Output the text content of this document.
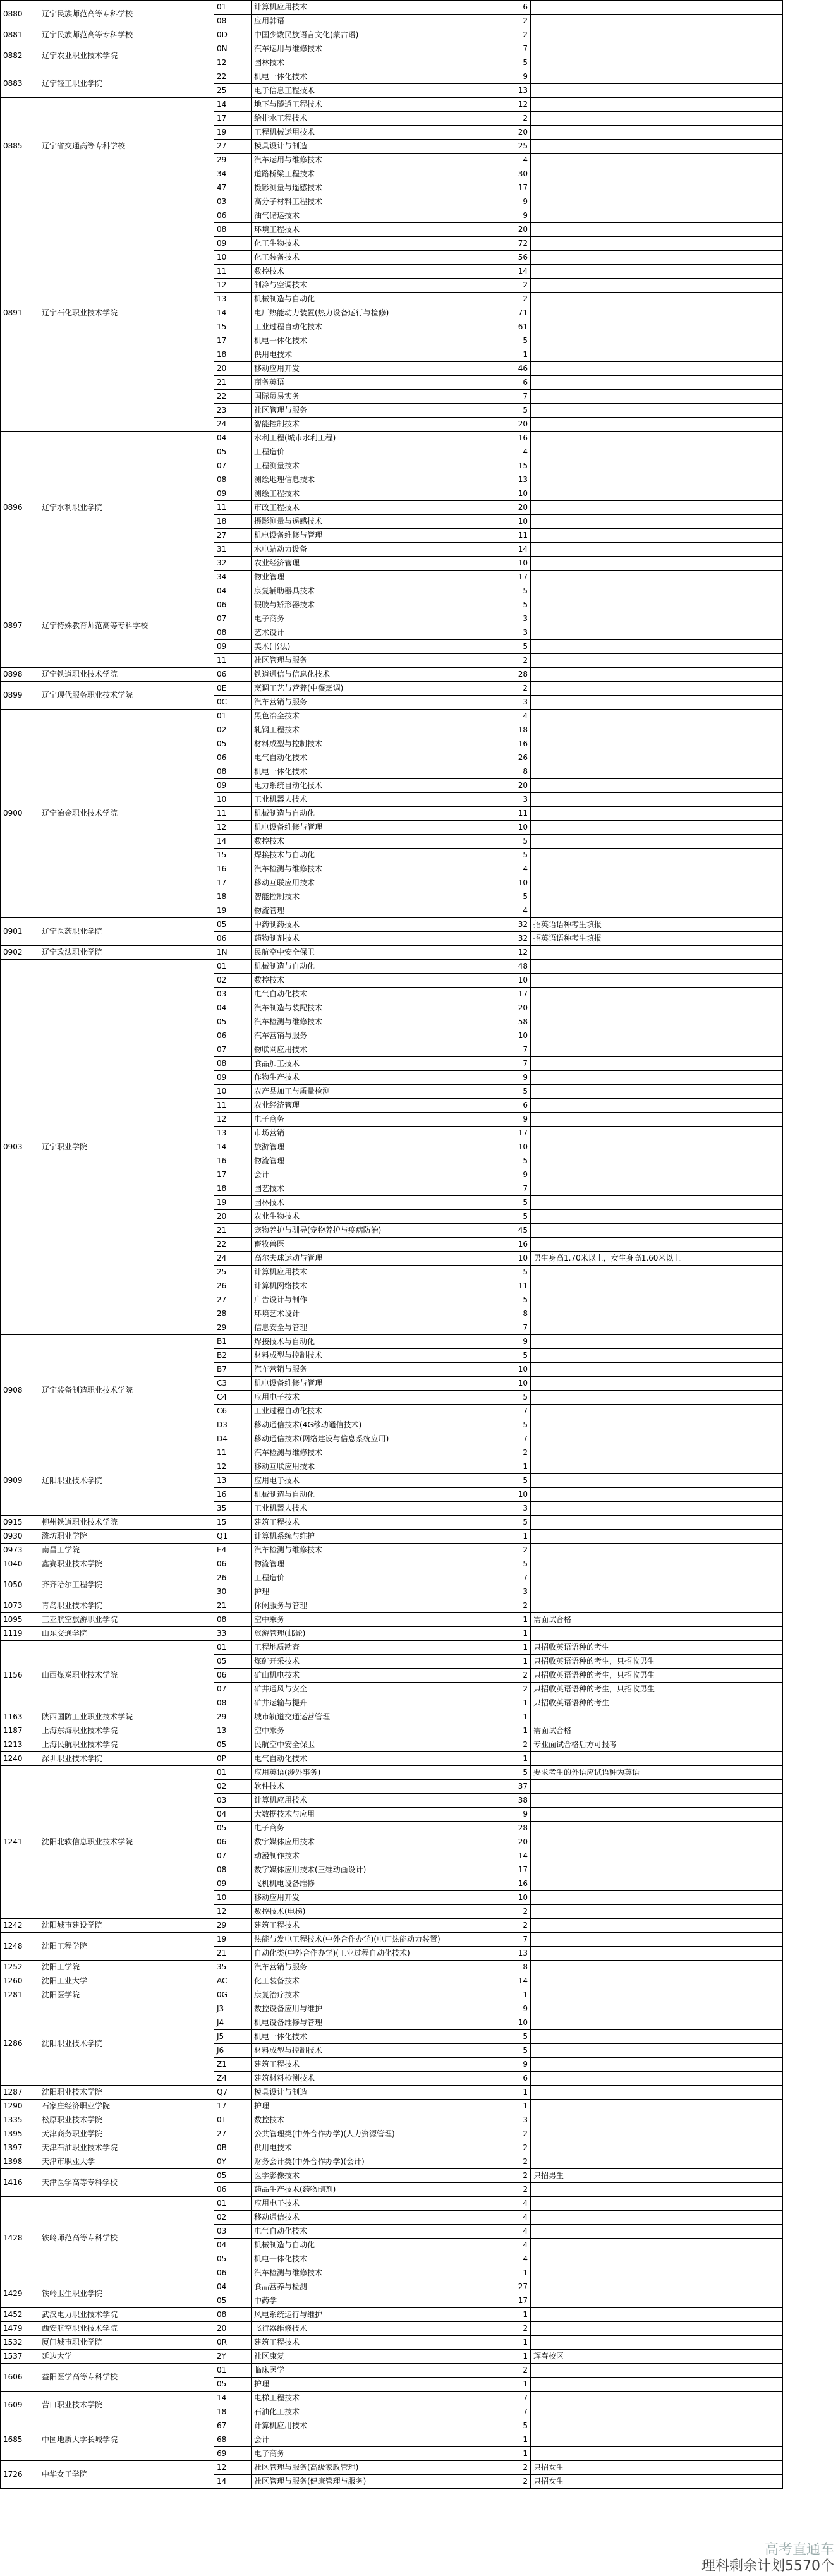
0880	辽宁民族师范高等专科学校	01	计算机应用技术	6	
		08	应用韩语	2	
0881	辽宁民族师范高等专科学校	0D	中国少数民族语言文化(蒙古语)	2	
0882	辽宁农业职业技术学院	0N	汽车运用与维修技术	7	
		12	园林技术	5	
0883	辽宁轻工职业学院	22	机电一体化技术	9	
		25	电子信息工程技术	13	
0885	辽宁省交通高等专科学校	14	地下与隧道工程技术	12	
		17	给排水工程技术	2	
		19	工程机械运用技术	20	
		27	模具设计与制造	25	
		29	汽车运用与维修技术	4	
		34	道路桥梁工程技术	30	
		47	摄影测量与遥感技术	17	
0891	辽宁石化职业技术学院	03	高分子材料工程技术	9	
		06	油气储运技术	9	
		08	环境工程技术	20	
		09	化工生物技术	72	
		10	化工装备技术	56	
		11	数控技术	14	
		12	制冷与空调技术	2	
		13	机械制造与自动化	2	
		14	电厂热能动力装置(热力设备运行与检修)	71	
		15	工业过程自动化技术	61	
		17	机电一体化技术	5	
		18	供用电技术	1	
		20	移动应用开发	46	
		21	商务英语	6	
		22	国际贸易实务	7	
		23	社区管理与服务	5	
		24	智能控制技术	20	
0896	辽宁水利职业学院	04	水利工程(城市水利工程)	16	
		05	工程造价	4	
		07	工程测量技术	15	
		08	测绘地理信息技术	13	
		09	测绘工程技术	10	
		11	市政工程技术	20	
		18	摄影测量与遥感技术	10	
		27	机电设备维修与管理	11	
		31	水电站动力设备	14	
		32	农业经济管理	10	
		34	物业管理	17	
0897	辽宁特殊教育师范高等专科学校	04	康复辅助器具技术	5	
		06	假肢与矫形器技术	5	
		07	电子商务	3	
		08	艺术设计	3	
		09	美术(书法)	5	
		11	社区管理与服务	2	
0898	辽宁铁道职业技术学院	06	铁道通信与信息化技术	28	
0899	辽宁现代服务职业技术学院	0E	烹调工艺与营养(中餐烹调)	2	
		0C	汽车营销与服务	3	
0900	辽宁冶金职业技术学院	01	黑色冶金技术	4	
		02	轧钢工程技术	18	
		05	材料成型与控制技术	16	
		06	电气自动化技术	26	
		08	机电一体化技术	8	
		09	电力系统自动化技术	20	
		10	工业机器人技术	3	
		11	机械制造与自动化	11	
		12	机电设备维修与管理	10	
		14	数控技术	5	
		15	焊接技术与自动化	5	
		16	汽车检测与维修技术	4	
		17	移动互联应用技术	10	
		18	智能控制技术	5	
		19	物流管理	4	
0901	辽宁医药职业学院	05	中药制药技术	32	招英语语种考生填报
		06	药物制剂技术	32	招英语语种考生填报
0902	辽宁政法职业学院	1N	民航空中安全保卫	12	
0903	辽宁职业学院	01	机械制造与自动化	48	
		02	数控技术	10	
		03	电气自动化技术	17	
		04	汽车制造与装配技术	20	
		05	汽车检测与维修技术	58	
		06	汽车营销与服务	10	
		07	物联网应用技术	7	
		08	食品加工技术	7	
		09	作物生产技术	9	
		10	农产品加工与质量检测	5	
		11	农业经济管理	6	
		12	电子商务	9	
		13	市场营销	17	
		14	旅游管理	10	
		16	物流管理	5	
		17	会计	9	
		18	园艺技术	7	
		19	园林技术	5	
		20	农业生物技术	5	
		21	宠物养护与驯导(宠物养护与疫病防治)	45	
		22	畜牧兽医	16	
		24	高尔夫球运动与管理	10	男生身高1.70米以上，女生身高1.60米以上
		25	计算机应用技术	5	
		26	计算机网络技术	11	
		27	广告设计与制作	5	
		28	环境艺术设计	8	
		29	信息安全与管理	7	
0908	辽宁装备制造职业技术学院	B1	焊接技术与自动化	9	
		B2	材料成型与控制技术	5	
		B7	汽车营销与服务	10	
		C3	机电设备维修与管理	10	
		C4	应用电子技术	5	
		C6	工业过程自动化技术	7	
		D3	移动通信技术(4G移动通信技术)	5	
		D4	移动通信技术(网络建设与信息系统应用)	7	
0909	辽阳职业技术学院	11	汽车检测与维修技术	2	
		12	移动互联应用技术	1	
		13	应用电子技术	5	
		16	机械制造与自动化	10	
		35	工业机器人技术	3	
0915	柳州铁道职业技术学院	15	建筑工程技术	5	
0930	潍坊职业学院	Q1	计算机系统与维护	1	
0973	南昌工学院	E4	汽车检测与维修技术	2	
1040	鑫赛职业技术学院	06	物流管理	5	
1050	齐齐哈尔工程学院	26	工程造价	7	
		30	护理	3	
1073	青岛职业技术学院	21	休闲服务与管理	2	
1095	三亚航空旅游职业学院	08	空中乘务	1	需面试合格
1119	山东交通学院	33	旅游管理(邮轮)	1	
1156	山西煤炭职业技术学院	01	工程地质勘查	1	只招收英语语种的考生
		05	煤矿开采技术	1	只招收英语语种的考生，只招收男生
		06	矿山机电技术	2	只招收英语语种的考生，只招收男生
		07	矿井通风与安全	2	只招收英语语种的考生，只招收男生
		08	矿井运输与提升	1	只招收英语语种的考生
1163	陕西国防工业职业技术学院	29	城市轨道交通运营管理	1	
1187	上海东海职业技术学院	13	空中乘务	1	需面试合格
1213	上海民航职业技术学院	05	民航空中安全保卫	2	专业面试合格后方可报考
1240	深圳职业技术学院	0P	电气自动化技术	1	
1241	沈阳北软信息职业技术学院	01	应用英语(涉外事务)	5	要求考生的外语应试语种为英语
		02	软件技术	37	
		03	计算机应用技术	38	
		04	大数据技术与应用	9	
		05	电子商务	28	
		06	数字媒体应用技术	20	
		07	动漫制作技术	14	
		08	数字媒体应用技术(三维动画设计)	17	
		09	飞机机电设备维修	16	
		10	移动应用开发	10	
		12	数控技术(电梯)	2	
1242	沈阳城市建设学院	29	建筑工程技术	2	
1248	沈阳工程学院	19	热能与发电工程技术(中外合作办学)(电厂热能动力装置)	7	
		21	自动化类(中外合作办学)(工业过程自动化技术)	13	
1252	沈阳工学院	35	汽车营销与服务	8	
1260	沈阳工业大学	AC	化工装备技术	14	
1281	沈阳医学院	0G	康复治疗技术	1	
1286	沈阳职业技术学院	J3	数控设备应用与维护	9	
		J4	机电设备维修与管理	10	
		J5	机电一体化技术	5	
		J6	材料成型与控制技术	5	
		Z1	建筑工程技术	9	
		Z4	建筑材料检测技术	6	
1287	沈阳职业技术学院	Q7	模具设计与制造	1	
1290	石家庄经济职业学院	17	护理	1	
1335	松原职业技术学院	0T	数控技术	3	
1395	天津商务职业学院	27	公共管理类(中外合作办学)(人力资源管理)	2	
1397	天津石油职业技术学院	0B	供用电技术	2	
1398	天津市职业大学	0Y	财务会计类(中外合作办学)(会计)	2	
1416	天津医学高等专科学校	05	医学影像技术	2	只招男生
		06	药品生产技术(药物制剂)	2	
1428	铁岭师范高等专科学校	01	应用电子技术	4	
		02	移动通信技术	4	
		03	电气自动化技术	4	
		04	机械制造与自动化	4	
		05	机电一体化技术	4	
		06	汽车检测与维修技术	1	
1429	铁岭卫生职业学院	04	食品营养与检测	27	
		05	中药学	17	
1452	武汉电力职业技术学院	08	风电系统运行与维护	1	
1479	西安航空职业技术学院	20	飞行器维修技术	2	
1532	厦门城市职业学院	0R	建筑工程技术	1	
1537	延边大学	2Y	社区康复	1	珲春校区
1606	益阳医学高等专科学校	01	临床医学	2	
		05	护理	1	
1609	营口职业技术学院	14	电梯工程技术	7	
		18	石油化工技术	7	
1685	中国地质大学长城学院	67	计算机应用技术	5	
		68	会计	1	
		69	电子商务	1	
1726	中华女子学院	12	社区管理与服务(高级家政管理)	2	只招女生
		14	社区管理与服务(健康管理与服务)	2	只招女生
高考直通车
理科剩余计划5570个
